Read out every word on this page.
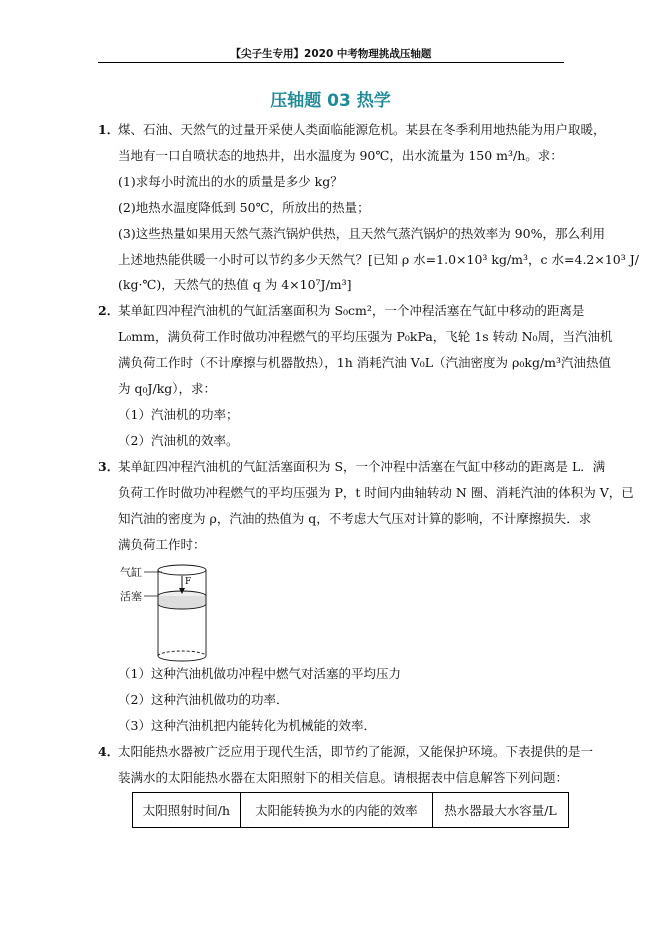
【尖子生专用】2020 中考物理挑战压轴题
压轴题 03 热学
1．
煤、石油、天然气的过量开采使人类面临能源危机。某县在冬季利用地热能为用户取暖，
当地有一口自喷状态的地热井，出水温度为 90℃，出水流量为 150 m³/h。求：
(1)求每小时流出的水的质量是多少 kg？
(2)地热水温度降低到 50℃，所放出的热量；
(3)这些热量如果用天然气蒸汽锅炉供热，且天然气蒸汽锅炉的热效率为 90%，那么利用
上述地热能供暖一小时可以节约多少天然气？[已知 ρ 水=1.0×10³ kg/m³，c 水=4.2×10³ J/
(kg·℃)，天然气的热值 q 为 4×10⁷J/m³]
2．
某单缸四冲程汽油机的气缸活塞面积为 S₀cm²，一个冲程活塞在气缸中移动的距离是
L₀mm，满负荷工作时做功冲程燃气的平均压强为 P₀kPa，飞轮 1s 转动 N₀周，当汽油机
满负荷工作时（不计摩擦与机器散热），1h 消耗汽油 V₀L（汽油密度为 ρ₀kg/m³汽油热值
为 q₀J/kg），求：
（1）汽油机的功率；
（2）汽油机的效率。
3．
某单缸四冲程汽油机的气缸活塞面积为 S，一个冲程中活塞在气缸中移动的距离是 L．满
负荷工作时做功冲程燃气的平均压强为 P，t 时间内曲轴转动 N 圈、消耗汽油的体积为 V，已
知汽油的密度为 ρ，汽油的热值为 q，不考虑大气压对计算的影响，不计摩擦损失．求
满负荷工作时：
气缸
活塞
F
（1）这种汽油机做功冲程中燃气对活塞的平均压力
（2）这种汽油机做功的功率．
（3）这种汽油机把内能转化为机械能的效率．
4．
太阳能热水器被广泛应用于现代生活，即节约了能源，又能保护环境。下表提供的是一
装满水的太阳能热水器在太阳照射下的相关信息。请根据表中信息解答下列问题：
太阳照射时间/h	太阳能转换为水的内能的效率	热水器最大水容量/L
